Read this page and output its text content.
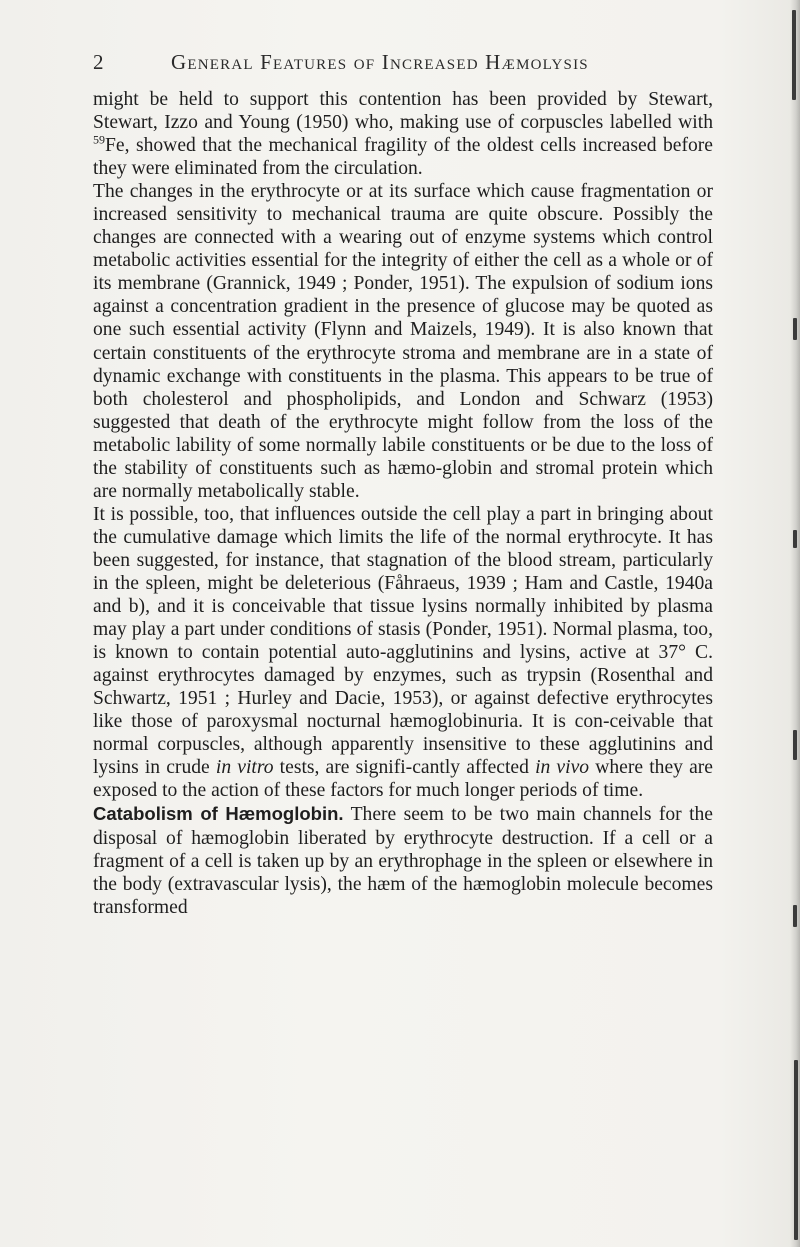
2	General Features of Increased Hæmolysis

might be held to support this contention has been provided by Stewart, Stewart, Izzo and Young (1950) who, making use of corpuscles labelled with $^{59}$Fe, showed that the mechanical fragility of the oldest cells increased before they were eliminated from the circulation.

The changes in the erythrocyte or at its surface which cause fragmentation or increased sensitivity to mechanical trauma are quite obscure. Possibly the changes are connected with a wearing out of enzyme systems which control metabolic activities essential for the integrity of either the cell as a whole or of its membrane (Grannick, 1949 ; Ponder, 1951). The expulsion of sodium ions against a concentration gradient in the presence of glucose may be quoted as one such essential activity (Flynn and Maizels, 1949). It is also known that certain constituents of the erythrocyte stroma and membrane are in a state of dynamic exchange with constituents in the plasma. This appears to be true of both cholesterol and phospholipids, and London and Schwarz (1953) suggested that death of the erythrocyte might follow from the loss of the metabolic lability of some normally labile constituents or be due to the loss of the stability of constituents such as hæmo-globin and stromal protein which are normally metabolically stable.

It is possible, too, that influences outside the cell play a part in bringing about the cumulative damage which limits the life of the normal erythrocyte. It has been suggested, for instance, that stagnation of the blood stream, particularly in the spleen, might be deleterious (Fåhraeus, 1939 ; Ham and Castle, 1940a and b), and it is conceivable that tissue lysins normally inhibited by plasma may play a part under conditions of stasis (Ponder, 1951). Normal plasma, too, is known to contain potential auto-agglutinins and lysins, active at 37° C. against erythrocytes damaged by enzymes, such as trypsin (Rosenthal and Schwartz, 1951 ; Hurley and Dacie, 1953), or against defective erythrocytes like those of paroxysmal nocturnal hæmoglobinuria. It is con-ceivable that normal corpuscles, although apparently insensitive to these agglutinins and lysins in crude in vitro tests, are signifi-cantly affected in vivo where they are exposed to the action of these factors for much longer periods of time.

Catabolism of Hæmoglobin. There seem to be two main channels for the disposal of hæmoglobin liberated by erythrocyte destruction. If a cell or a fragment of a cell is taken up by an erythrophage in the spleen or elsewhere in the body (extravascular lysis), the hæm of the hæmoglobin molecule becomes transformed
